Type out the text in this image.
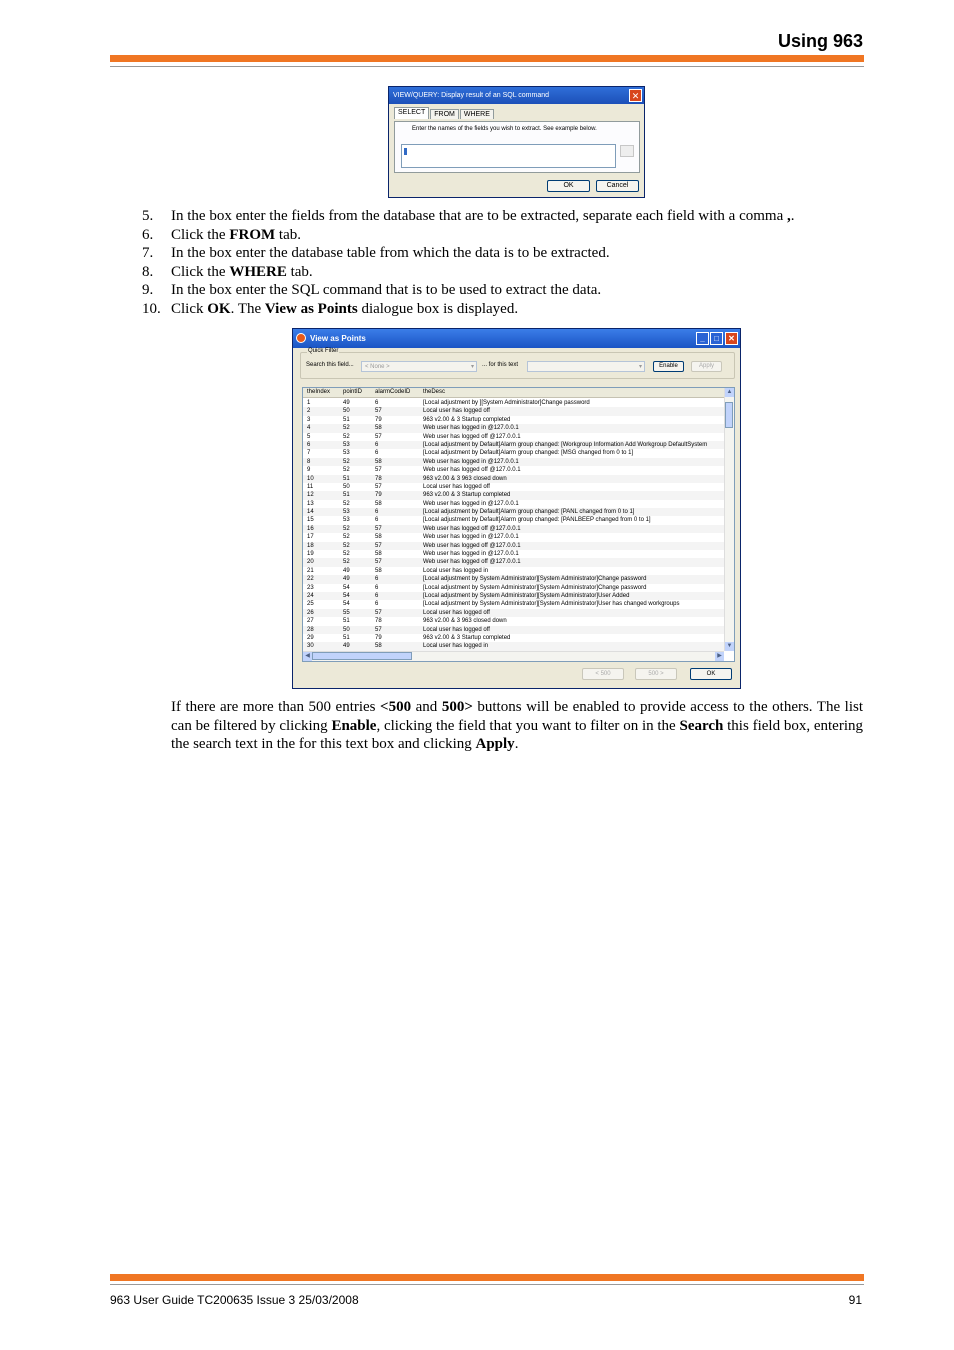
Using 963
VIEW/QUERY: Display result of an SQL command	✕
SELECT	FROM	WHERE
Enter the names of the fields you wish to extract. See example below.
OK	Cancel
5. In the box enter the fields from the database that are to be extracted, separate each field with a comma ,.
6. Click the FROM tab.
7. In the box enter the database table from which the data is to be extracted.
8. Click the WHERE tab.
9. In the box enter the SQL command that is to be used to extract the data.
10. Click OK. The View as Points dialogue box is displayed.
View as Points	_	□	✕
Quick Filter
Search this field...	< None >	▾ ... for this text	▾	Enable	Apply
theIndex pointID alarmCodeID theDesc
1	49	6	[Local adjustment by ][System Administrator]Change password
2	50	57	Local user has logged off
3	51	79	963 v2.00 & 3 Startup completed
4	52	58	Web user has logged in @127.0.0.1
5	52	57	Web user has logged off @127.0.0.1
6	53	6	[Local adjustment by Default]Alarm group changed: [Workgroup Information Add Workgroup DefaultSystem
7	53	6	[Local adjustment by Default]Alarm group changed: [MSG changed from 0 to 1]
8	52	58	Web user has logged in @127.0.0.1
9	52	57	Web user has logged off @127.0.0.1
10	51	78	963 v2.00 & 3 963 closed down
11	50	57	Local user has logged off
12	51	79	963 v2.00 & 3 Startup completed
13	52	58	Web user has logged in @127.0.0.1
14	53	6	[Local adjustment by Default]Alarm group changed: [PANL changed from 0 to 1]
15	53	6	[Local adjustment by Default]Alarm group changed: [PANLBEEP changed from 0 to 1]
16	52	57	Web user has logged off @127.0.0.1
17	52	58	Web user has logged in @127.0.0.1
18	52	57	Web user has logged off @127.0.0.1
19	52	58	Web user has logged in @127.0.0.1
20	52	57	Web user has logged off @127.0.0.1
21	49	58	Local user has logged in
22	49	6	[Local adjustment by System Administrator][System Administrator]Change password
23	54	6	[Local adjustment by System Administrator][System Administrator]Change password
24	54	6	[Local adjustment by System Administrator][System Administrator]User Added
25	54	6	[Local adjustment by System Administrator][System Administrator]User has changed workgroups
26	55	57	Local user has logged off
27	51	78	963 v2.00 & 3 963 closed down
28	50	57	Local user has logged off
29	51	79	963 v2.00 & 3 Startup completed
30	49	58	Local user has logged in
▲
▼
◀	▶
< 500	500 >	OK
If there are more than 500 entries <500 and 500> buttons will be enabled to provide access to the others. The list can be filtered by clicking Enable, clicking the field that you want to filter on in the Search this field box, entering the search text in the for this text box and clicking Apply.
963 User Guide TC200635 Issue 3 25/03/2008	91
